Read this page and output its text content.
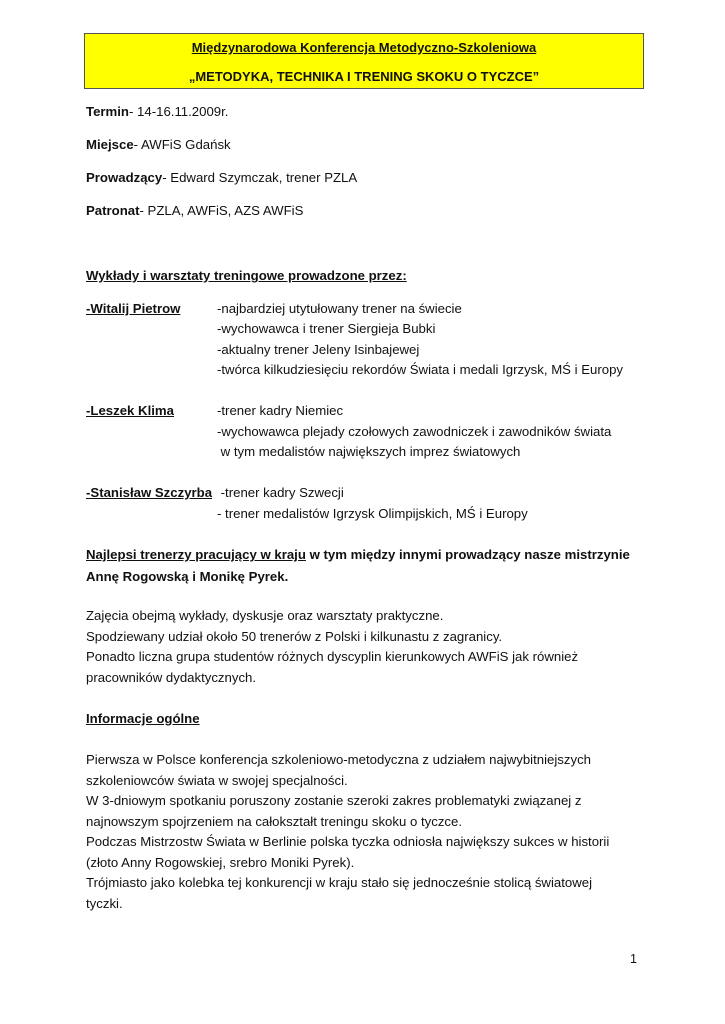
Międzynarodowa Konferencja Metodyczno-Szkoleniowa
„METODYKA, TECHNIKA I TRENING SKOKU O TYCZCE”
Termin- 14-16.11.2009r.
Miejsce- AWFiS Gdańsk
Prowadzący- Edward Szymczak, trener PZLA
Patronat- PZLA, AWFiS, AZS AWFiS
Wykłady i warsztaty treningowe prowadzone przez:
-Witalij Pietrow	-najbardziej utytułowany trener na świecie
-wychowawca i trener Siergieja Bubki
-aktualny trener Jeleny Isinbajewej
-twórca kilkudziesięciu rekordów Świata i medali Igrzysk, MŚ i Europy
-Leszek Klima	-trener kadry Niemiec
-wychowawca plejady czołowych zawodniczek i zawodników świata
w tym medalistów największych imprez światowych
-Stanisław Szczyrba -trener kadry Szwecji
- trener medalistów Igrzysk Olimpijskich, MŚ i Europy
Najlepsi trenerzy pracujący w kraju w tym między innymi prowadzący nasze mistrzynie
Annę Rogowską i Monikę Pyrek.
Zajęcia obejmą wykłady, dyskusje oraz warsztaty praktyczne.
Spodziewany udział około 50 trenerów z Polski i kilkunastu z zagranicy.
Ponadto liczna grupa studentów różnych dyscyplin kierunkowych AWFiS jak również
pracowników dydaktycznych.
Informacje ogólne
Pierwsza w Polsce konferencja szkoleniowo-metodyczna z udziałem najwybitniejszych
szkoleniowców świata w swojej specjalności.
W 3-dniowym spotkaniu poruszony zostanie szeroki zakres problematyki związanej z
najnowszym spojrzeniem na całokształt treningu skoku o tyczce.
Podczas Mistrzostw Świata w Berlinie polska tyczka odniosła największy sukces w historii
(złoto Anny Rogowskiej, srebro Moniki Pyrek).
Trójmiasto jako kolebka tej konkurencji w kraju stało się jednocześnie stolicą światowej
tyczki.
1
